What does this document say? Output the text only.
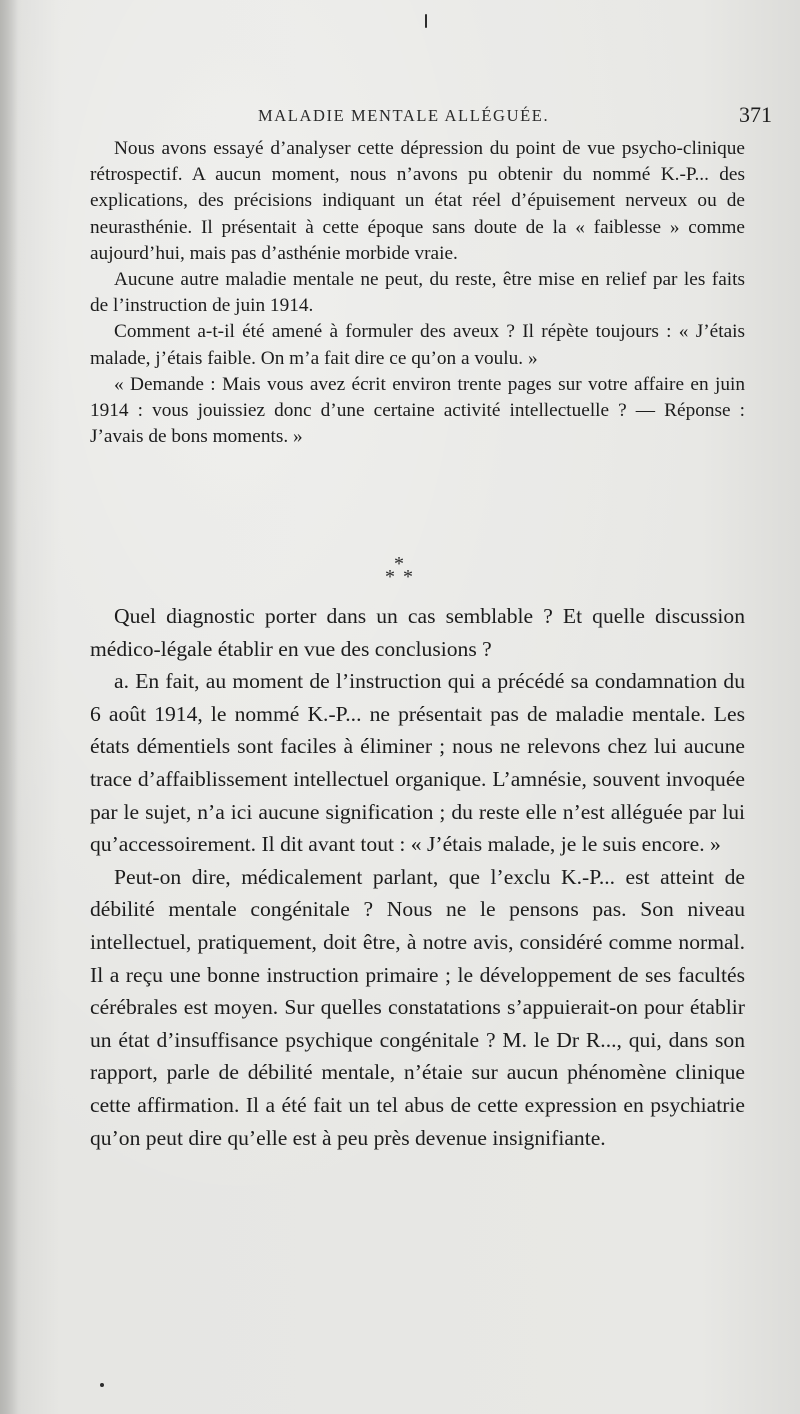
MALADIE MENTALE ALLÉGUÉE.	371

Nous avons essayé d’analyser cette dépression du point de vue psycho-clinique rétrospectif. A aucun moment, nous n’avons pu obtenir du nommé K.-P... des explications, des précisions indiquant un état réel d’épuisement nerveux ou de neurasthénie. Il présentait à cette époque sans doute de la « faiblesse » comme aujourd’hui, mais pas d’asthénie morbide vraie.

Aucune autre maladie mentale ne peut, du reste, être mise en relief par les faits de l’instruction de juin 1914.

Comment a-t-il été amené à formuler des aveux ? Il répète toujours : « J’étais malade, j’étais faible. On m’a fait dire ce qu’on a voulu. »

« Demande : Mais vous avez écrit environ trente pages sur votre affaire en juin 1914 : vous jouissiez donc d’une certaine activité intellectuelle ? — Réponse : J’avais de bons moments. »

*
* *

Quel diagnostic porter dans un cas semblable ? Et quelle discussion médico-légale établir en vue des conclusions ?

a. En fait, au moment de l’instruction qui a précédé sa condamnation du 6 août 1914, le nommé K.-P... ne présentait pas de maladie mentale. Les états démentiels sont faciles à éliminer ; nous ne relevons chez lui aucune trace d’affaiblissement intellectuel organique. L’amnésie, souvent invoquée par le sujet, n’a ici aucune signification ; du reste elle n’est alléguée par lui qu’accessoirement. Il dit avant tout : « J’étais malade, je le suis encore. »

Peut-on dire, médicalement parlant, que l’exclu K.-P... est atteint de débilité mentale congénitale ? Nous ne le pensons pas. Son niveau intellectuel, pratiquement, doit être, à notre avis, considéré comme normal. Il a reçu une bonne instruction primaire ; le développement de ses facultés cérébrales est moyen. Sur quelles constatations s’appuierait-on pour établir un état d’insuffisance psychique congénitale ? M. le Dr R..., qui, dans son rapport, parle de débilité mentale, n’étaie sur aucun phénomène clinique cette affirmation. Il a été fait un tel abus de cette expression en psychiatrie qu’on peut dire qu’elle est à peu près devenue insignifiante.
